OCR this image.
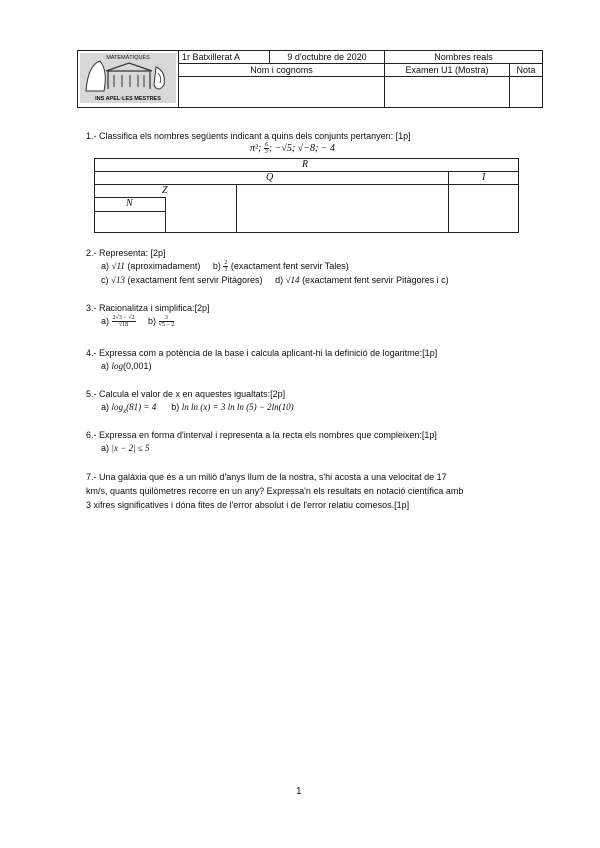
MATEMÀTIQUES
INS APEL·LES MESTRES	1r Batxillerat A	9 d'octubre de 2020	Nombres reals	
	Nom i cognoms		Examen U1 (Mostra)	Nota

1.- Classifica els nombres següents indicant a quins dels conjunts pertanyen: [1p]
π²; $\frac{6}{3}$ ; −√5; √−8; − 4
R
Q	I
Z
N
2.- Representa: [2p]
a) √11 (aproximadament) $b) \frac{2}{3}$ (exactament fent servir Tales)
c) √13 (exactament fent servir Pitàgores) d) √14 (exactament fent servir Pitàgores i c)
3.- Racionalitza i simplifica:[2p]
$a) \frac{2√3 - √2}{√18} b) \frac{3}{√5 - 2}$
4.- Expressa com a potència de la base i calcula aplicant-hi la definició de logaritme:[1p]
a) log(0,001)
5.- Calcula el valor de x en aquestes igualtats:[2p]
a) $\log_x(81) = 4$ b) ln ln (x) = 3 ln ln (5) − 2ln(10)
6.- Expressa en forma d'interval i representa a la recta els nombres que compleixen:[1p]
a) |x − 2| ≤ 5
7.- Una galàxia que és a un milió d'anys llum de la nostra, s'hi acosta a una velocitat de 17
km/s, quants quilòmetres recorre en un any? Expressa'n els resultats en notació científica amb
3 xifres significatives i dóna fites de l'error absolut i de l'error relatiu comesos.[1p]
1
